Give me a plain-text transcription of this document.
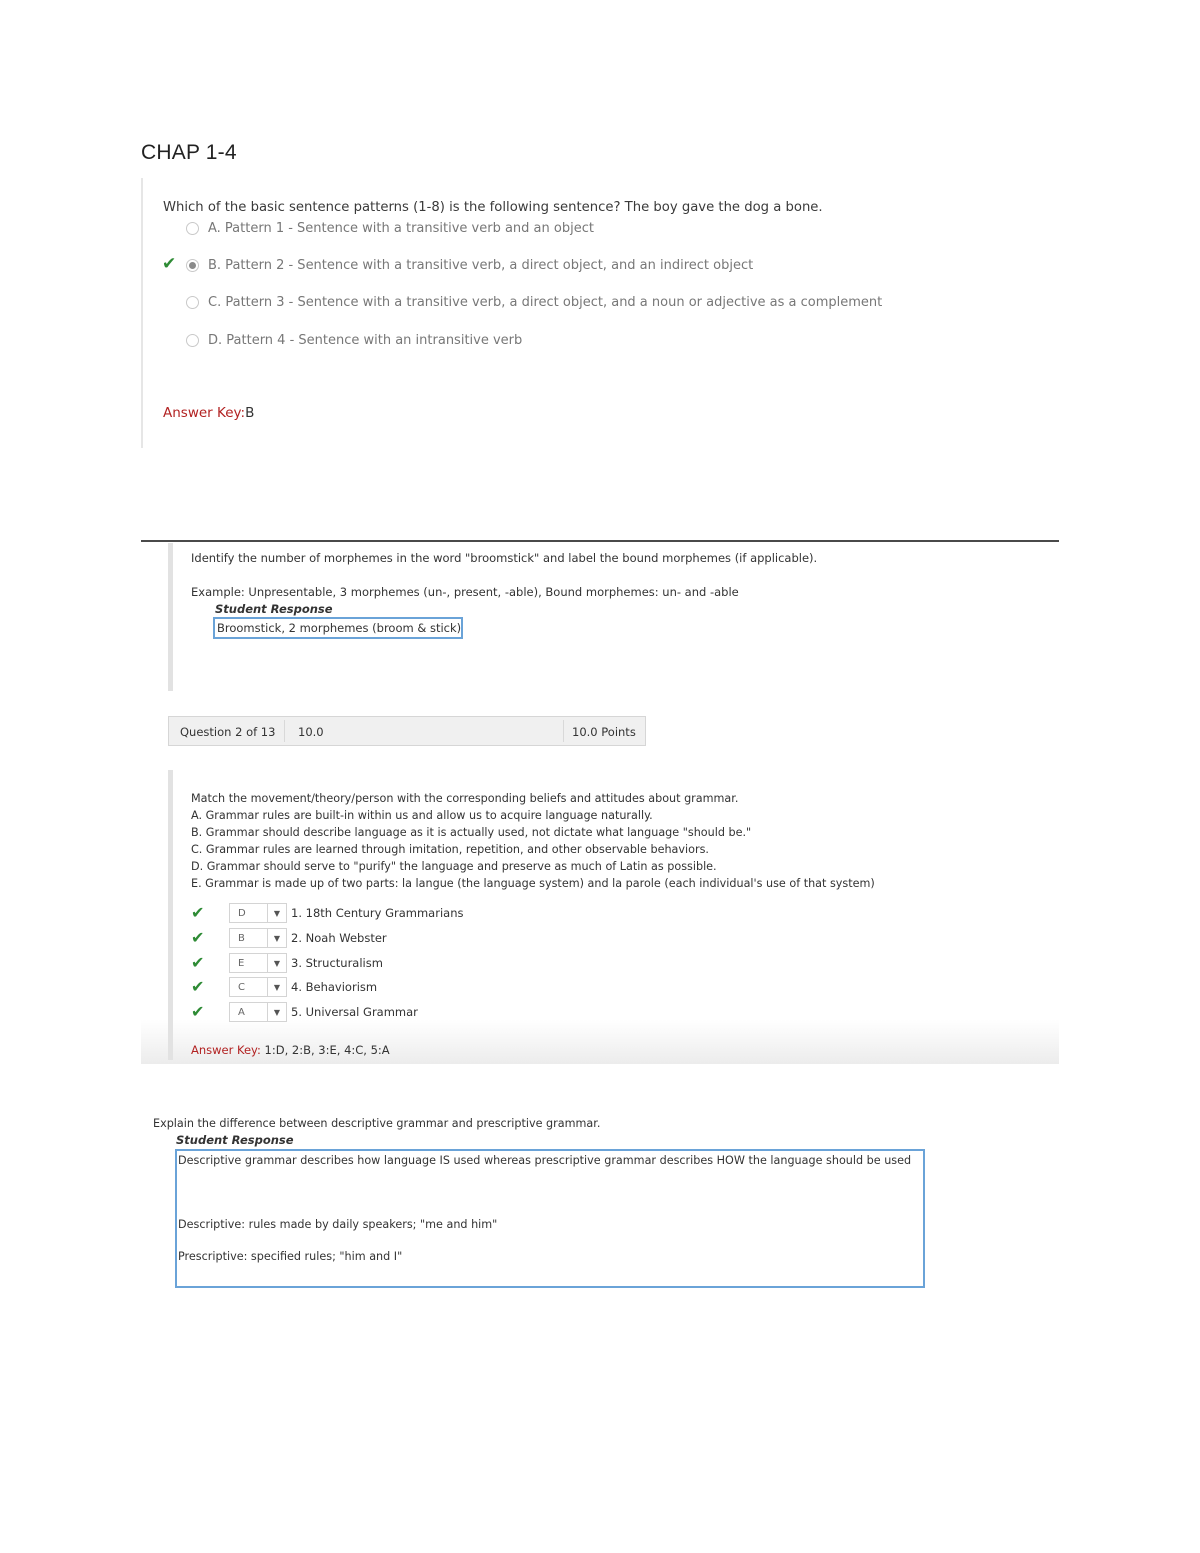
CHAP 1-4
Which of the basic sentence patterns (1-8) is the following sentence? The boy gave the dog a bone.
A. Pattern 1 - Sentence with a transitive verb and an object
✔ B. Pattern 2 - Sentence with a transitive verb, a direct object, and an indirect object
C. Pattern 3 - Sentence with a transitive verb, a direct object, and a noun or adjective as a complement
D. Pattern 4 - Sentence with an intransitive verb
Answer Key:B
Identify the number of morphemes in the word "broomstick" and label the bound morphemes (if applicable).
Example: Unpresentable, 3 morphemes (un-, present, -able), Bound morphemes: un- and -able
Student Response
Broomstick, 2 morphemes (broom & stick)
Question 2 of 13 10.0	10.0 Points
Match the movement/theory/person with the corresponding beliefs and attitudes about grammar.
A. Grammar rules are built-in within us and allow us to acquire language naturally.
B. Grammar should describe language as it is actually used, not dictate what language "should be."
C. Grammar rules are learned through imitation, repetition, and other observable behaviors.
D. Grammar should serve to "purify" the language and preserve as much of Latin as possible.
E. Grammar is made up of two parts: la langue (the language system) and la parole (each individual's use of that system)
✔	D	▼ 1. 18th Century Grammarians
✔	B	▼ 2. Noah Webster
✔	E	▼ 3. Structuralism
✔	C	▼ 4. Behaviorism
✔	A	▼ 5. Universal Grammar
Answer Key: 1:D, 2:B, 3:E, 4:C, 5:A
Explain the difference between descriptive grammar and prescriptive grammar.
Student Response

Descriptive grammar describes how language IS used whereas prescriptive grammar describes HOW the language should be used

Descriptive: rules made by daily speakers; "me and him"

Prescriptive: specified rules; "him and I"
